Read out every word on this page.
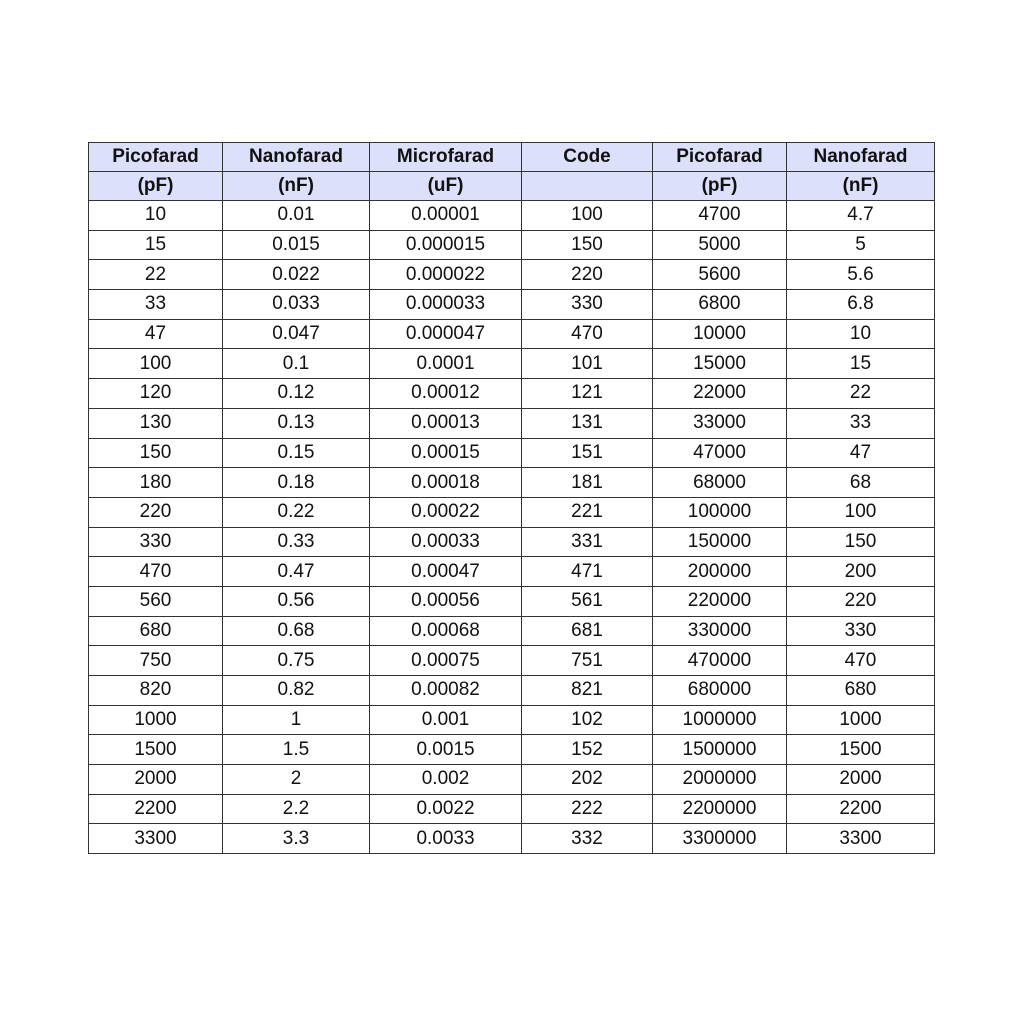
Picofarad	Nanofarad	Microfarad	Code	Picofarad	Nanofarad
(pF)	(nF)	(uF)		(pF)	(nF)
10	0.01	0.00001	100	4700	4.7
15	0.015	0.000015	150	5000	5
22	0.022	0.000022	220	5600	5.6
33	0.033	0.000033	330	6800	6.8
47	0.047	0.000047	470	10000	10
100	0.1	0.0001	101	15000	15
120	0.12	0.00012	121	22000	22
130	0.13	0.00013	131	33000	33
150	0.15	0.00015	151	47000	47
180	0.18	0.00018	181	68000	68
220	0.22	0.00022	221	100000	100
330	0.33	0.00033	331	150000	150
470	0.47	0.00047	471	200000	200
560	0.56	0.00056	561	220000	220
680	0.68	0.00068	681	330000	330
750	0.75	0.00075	751	470000	470
820	0.82	0.00082	821	680000	680
1000	1	0.001	102	1000000	1000
1500	1.5	0.0015	152	1500000	1500
2000	2	0.002	202	2000000	2000
2200	2.2	0.0022	222	2200000	2200
3300	3.3	0.0033	332	3300000	3300
